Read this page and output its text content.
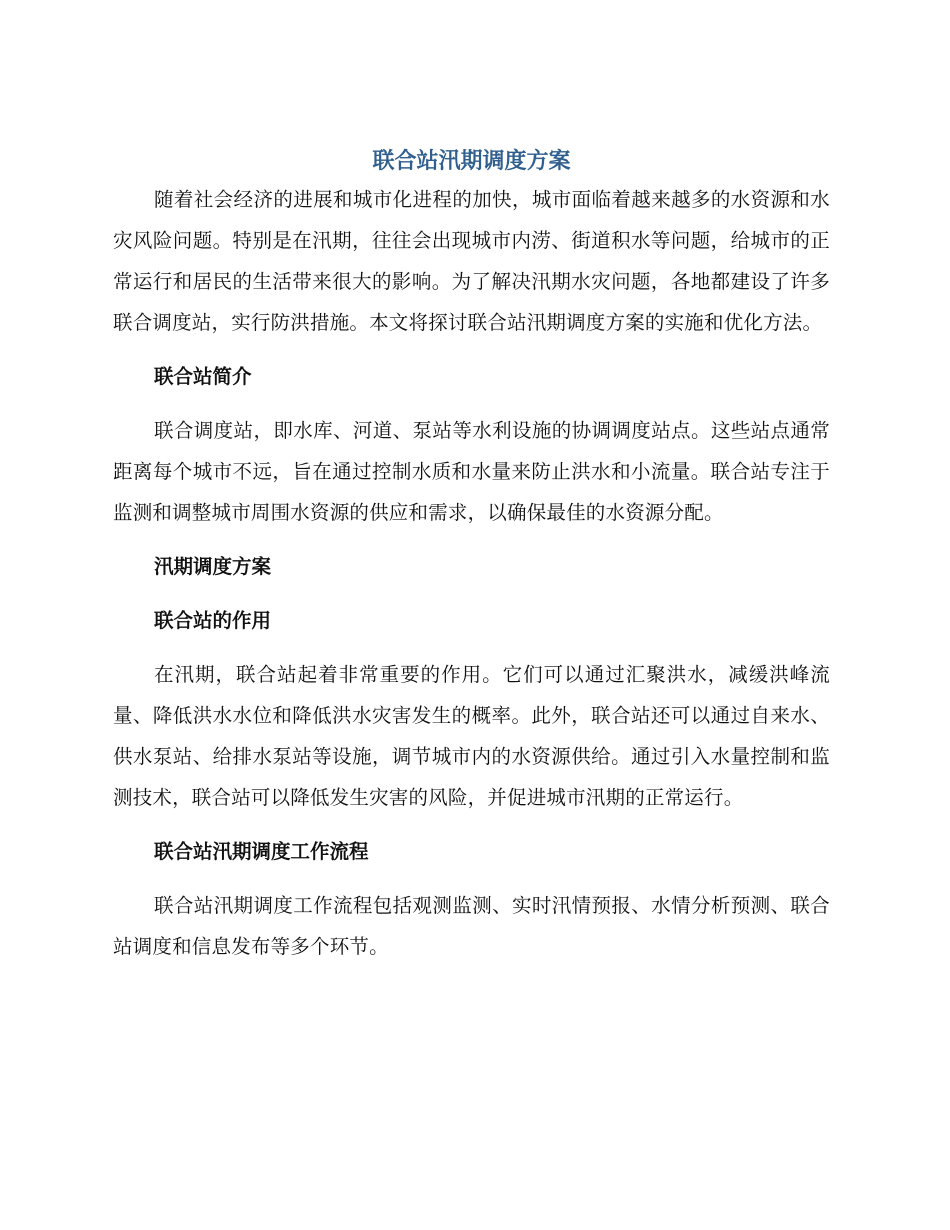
联合站汛期调度方案

随着社会经济的进展和城市化进程的加快，城市面临着越来越多的水资源和水灾风险问题。特别是在汛期，往往会出现城市内涝、街道积水等问题，给城市的正常运行和居民的生活带来很大的影响。为了解决汛期水灾问题，各地都建设了许多联合调度站，实行防洪措施。本文将探讨联合站汛期调度方案的实施和优化方法。

联合站简介

联合调度站，即水库、河道、泵站等水利设施的协调调度站点。这些站点通常距离每个城市不远，旨在通过控制水质和水量来防止洪水和小流量。联合站专注于监测和调整城市周围水资源的供应和需求，以确保最佳的水资源分配。

汛期调度方案
联合站的作用

在汛期，联合站起着非常重要的作用。它们可以通过汇聚洪水，减缓洪峰流量、降低洪水水位和降低洪水灾害发生的概率。此外，联合站还可以通过自来水、供水泵站、给排水泵站等设施，调节城市内的水资源供给。通过引入水量控制和监测技术，联合站可以降低发生灾害的风险，并促进城市汛期的正常运行。

联合站汛期调度工作流程

联合站汛期调度工作流程包括观测监测、实时汛情预报、水情分析预测、联合站调度和信息发布等多个环节。
